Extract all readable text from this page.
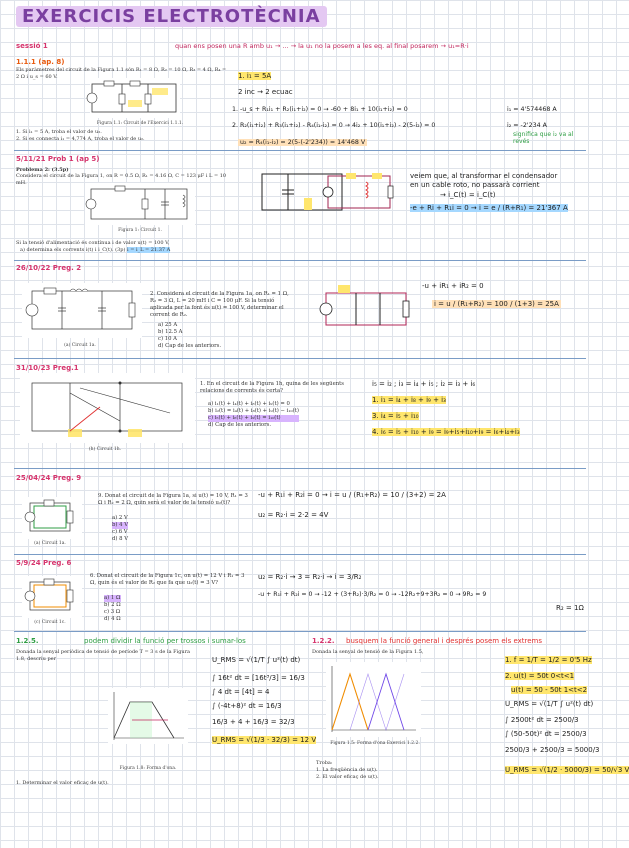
EXERCICIS ELECTROTÈCNIA
sessió 1	quan ens posen una R amb u₁ → ... → la u₁ no la posem a les eq. al final posarem → u₁=R·i
1.1.1 (ap. 8)
Els paràmetres del circuit de la Figura 1.1 són R₁ = 8 Ω, R₂ = 10 Ω, R₃ = 4 Ω, R₄ = 2 Ω i u_s = 60 V.
Figura 1.1: Circuit de l'Exercici 1.1.1.
1. Si i₁ = 5 A, troba el valor de u₂.
2. Si es connecta i₁ = 4,774 A, troba el valor de u₂.
1. i₁ = 5A
2 inc → 2 ecuac
1. -u_s + R₁i₁ + R₂(i₁+i₂) = 0 → -60 + 8i₁ + 10(i₁+i₂) = 0	i₁ = 4'574468 A
2. R₂(i₁+i₂) + R₃(i₁+i₂) - R₄(i₁-i₂) = 0 → 4i₂ + 10(i₁+i₂) - 2(5-i₂) = 0	i₂ = -2'234 A
significa que i₂ va al revés
u₂ = R₄(i₁-i₂) = 2(5-(-2'234)) = 14'468 V
5/11/21 Prob 1 (ap 5)
Problema 2: (3.5p)
Considera el circuit de la Figura 1, on R = 0.5 Ω, R₁ = 4.16 Ω, C = 123 μF i L = 10 mH.
Figura 1: Circuit 1.
Si la tensió d'alimentació és contínua i de valor u(t) = 100 V,
a) determina els corrents i(t) i i_C(t). (3p) i = i_L = 21.37 A
veiem que, al transformar el condensador
en un cable roto, no passarà corrient
→ i_C(t) = i_C(t)
-e + Ri + R₁i = 0 → i = e / (R+R₁) = 21'367 A
26/10/22 Preg. 2
(a) Circuit 1a.
2. Considera el circuit de la Figura 1a, on R₁ = 1 Ω, R₂ = 3 Ω, L = 20 mH i C = 100 μF. Si la tensió aplicada per la font és u(t) = 100 V, determinar el corrent de R₂.
a) 25 A
b) 12.5 A
c) 10 A
d) Cap de les anteriors.
-u + iR₁ + iR₂ = 0
i = u / (R₁+R₂) = 100 / (1+3) = 25A
31/10/23 Preg.1
(h) Circuit 1h.
1. En el circuit de la Figura 1h, quina de les següents relacions de corrents és certa?
a) i₁(t) + i₄(t) + i₈(t) + i₉(t) = 0
b) i₂(t) = i₄(t) + i₈(t) + i₉(t) − i₁₀(t)
c) i₅(t) + i₆(t) + i₉(t) = i₁₀(t)
d) Cap de les anteriors.
i₅ = i₂ ; i₃ = i₄ + i₅ ; i₂ = i₃ + i₆
1. i₁ = i₄ + i₈ + i₉ + i₃
3. i₄ = i₅ + i₁₀
4. i₆ = i₅ + i₁₀ + i₉ = i₉+i₅+i₁₀+i₉ = i₆+i₄+i₃
25/04/24 Preg. 9
(a) Circuit 1a.
9. Donat el circuit de la Figura 1a, si u(t) = 10 V, R₁ = 3 Ω i R₂ = 2 Ω, quin serà el valor de la tensió u₂(t)?
a) 2 V
b) 4 V
c) 6 V
d) 8 V
-u + R₁i + R₂i = 0 → i = u / (R₁+R₂) = 10 / (3+2) = 2A
u₂ = R₂·i = 2·2 = 4V
5/9/24 Preg. 6
(c) Circuit 1c.
6. Donat el circuit de la Figura 1c, on u(t) = 12 V i R₁ = 3 Ω, quin és el valor de R₂ que fa que u₂(t) = 3 V?
a) 1 Ω
b) 2 Ω
c) 3 Ω
d) 4 Ω
u₂ = R₂·i → 3 = R₂·i → i = 3/R₂
-u + R₁i + R₂i = 0 → -12 + (3+R₂)·3/R₂ = 0 → -12R₂+9+3R₂ = 0 → 9R₂ = 9
R₂ = 1Ω
1.2.5.	podem dividir la funció per trossos i sumar-los
Donada la senyal periòdica de tensió de període T = 3 s de la Figura 1.8, descriu per
Figura 1.8: Forma d'ona.
1. Determinar el valor eficaç de u(t).
U_RMS = √(1/T ∫ u²(t) dt)
∫ 16t² dt = [16t³/3] = 16/3
∫ 4 dt = [4t] = 4
∫ (-4t+8)² dt = 16/3
16/3 + 4 + 16/3 = 32/3
U_RMS = √(1/3 · 32/3) = 12 V
1.2.2. busquem la funció general i després posem els extrems
Donada la senyal de tensió de la Figura 1.5,
Figura 1.5: Forma d'ona Exercici 1.2.2.
Troba:
1. La freqüència de u(t).
2. El valor eficaç de u(t).
1. f = 1/T = 1/2 = 0'5 Hz
2. u(t) = 50t 0<t<1
u(t) = 50 - 50t 1<t<2
U_RMS = √(1/T ∫ u²(t) dt)
∫ 2500t² dt = 2500/3
∫ (50-50t)² dt = 2500/3
2500/3 + 2500/3 = 5000/3
U_RMS = √(1/2 · 5000/3) = 50/√3 V
